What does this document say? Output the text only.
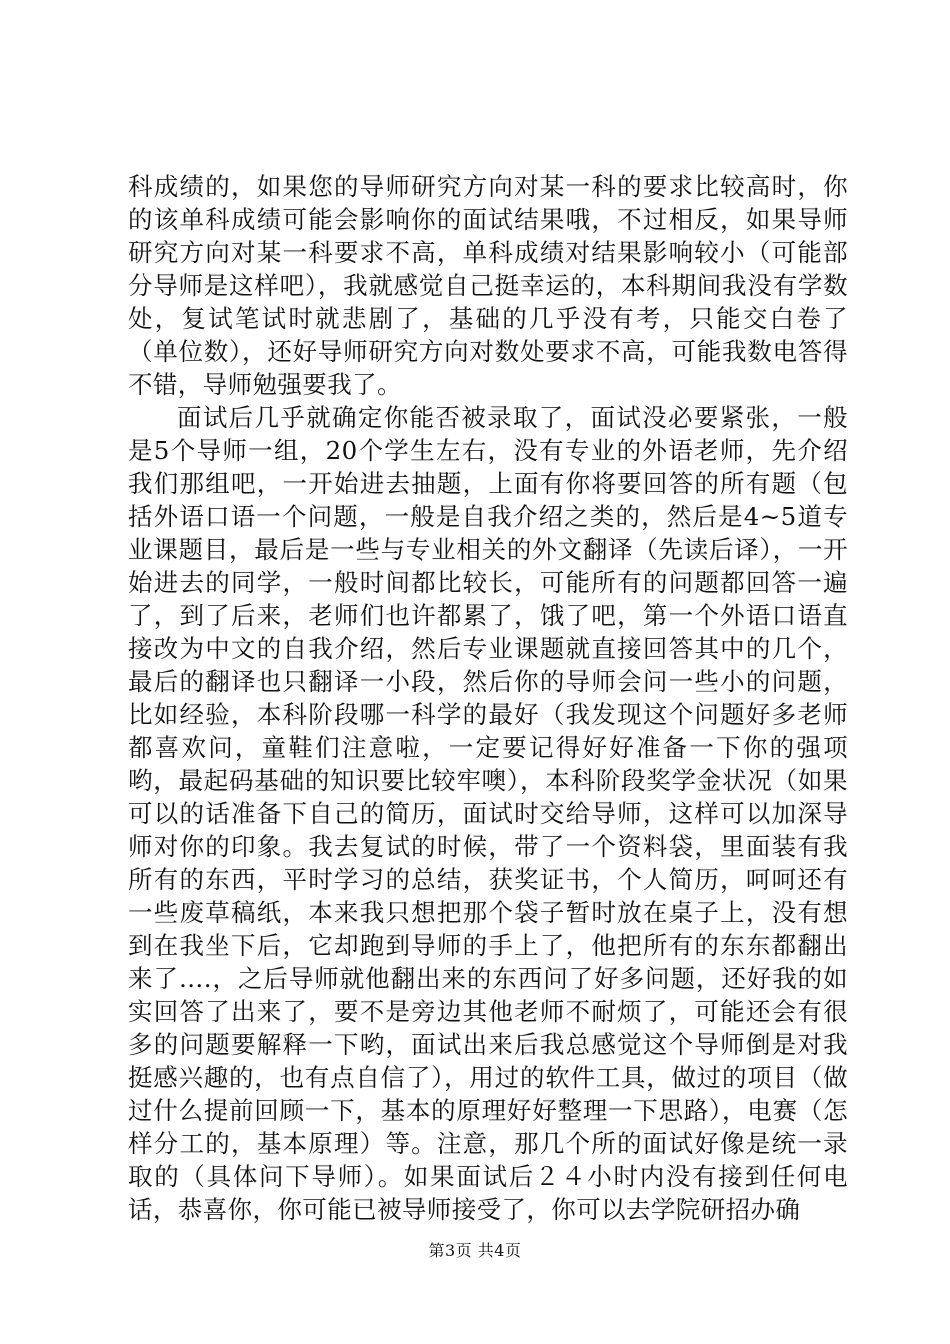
科成绩的，如果您的导师研究方向对某一科的要求比较高时，你的该单科成绩可能会影响你的面试结果哦，不过相反，如果导师研究方向对某一科要求不高，单科成绩对结果影响较小（可能部分导师是这样吧），我就感觉自己挺幸运的，本科期间我没有学数处，复试笔试时就悲剧了，基础的几乎没有考，只能交白卷了（单位数），还好导师研究方向对数处要求不高，可能我数电答得不错，导师勉强要我了。

面试后几乎就确定你能否被录取了，面试没必要紧张，一般是5个导师一组，20个学生左右，没有专业的外语老师，先介绍我们那组吧，一开始进去抽题，上面有你将要回答的所有题（包括外语口语一个问题，一般是自我介绍之类的，然后是4~5道专业课题目，最后是一些与专业相关的外文翻译（先读后译），一开始进去的同学，一般时间都比较长，可能所有的问题都回答一遍了，到了后来，老师们也许都累了，饿了吧，第一个外语口语直接改为中文的自我介绍，然后专业课题就直接回答其中的几个，最后的翻译也只翻译一小段，然后你的导师会问一些小的问题，比如经验，本科阶段哪一科学的最好（我发现这个问题好多老师都喜欢问，童鞋们注意啦，一定要记得好好准备一下你的强项哟，最起码基础的知识要比较牢噢），本科阶段奖学金状况（如果可以的话准备下自己的简历，面试时交给导师，这样可以加深导师对你的印象。我去复试的时候，带了一个资料袋，里面装有我所有的东西，平时学习的总结，获奖证书，个人简历，呵呵还有一些废草稿纸，本来我只想把那个袋子暂时放在桌子上，没有想到在我坐下后，它却跑到导师的手上了，他把所有的东东都翻出来了….，之后导师就他翻出来的东西问了好多问题，还好我的如实回答了出来了，要不是旁边其他老师不耐烦了，可能还会有很多的问题要解释一下哟，面试出来后我总感觉这个导师倒是对我挺感兴趣的，也有点自信了），用过的软件工具，做过的项目（做过什么提前回顾一下，基本的原理好好整理一下思路），电赛（怎样分工的，基本原理）等。注意，那几个所的面试好像是统一录取的（具体问下导师）。如果面试后２４小时内没有接到任何电话，恭喜你，你可能已被导师接受了，你可以去学院研招办确

第3页 共4页
